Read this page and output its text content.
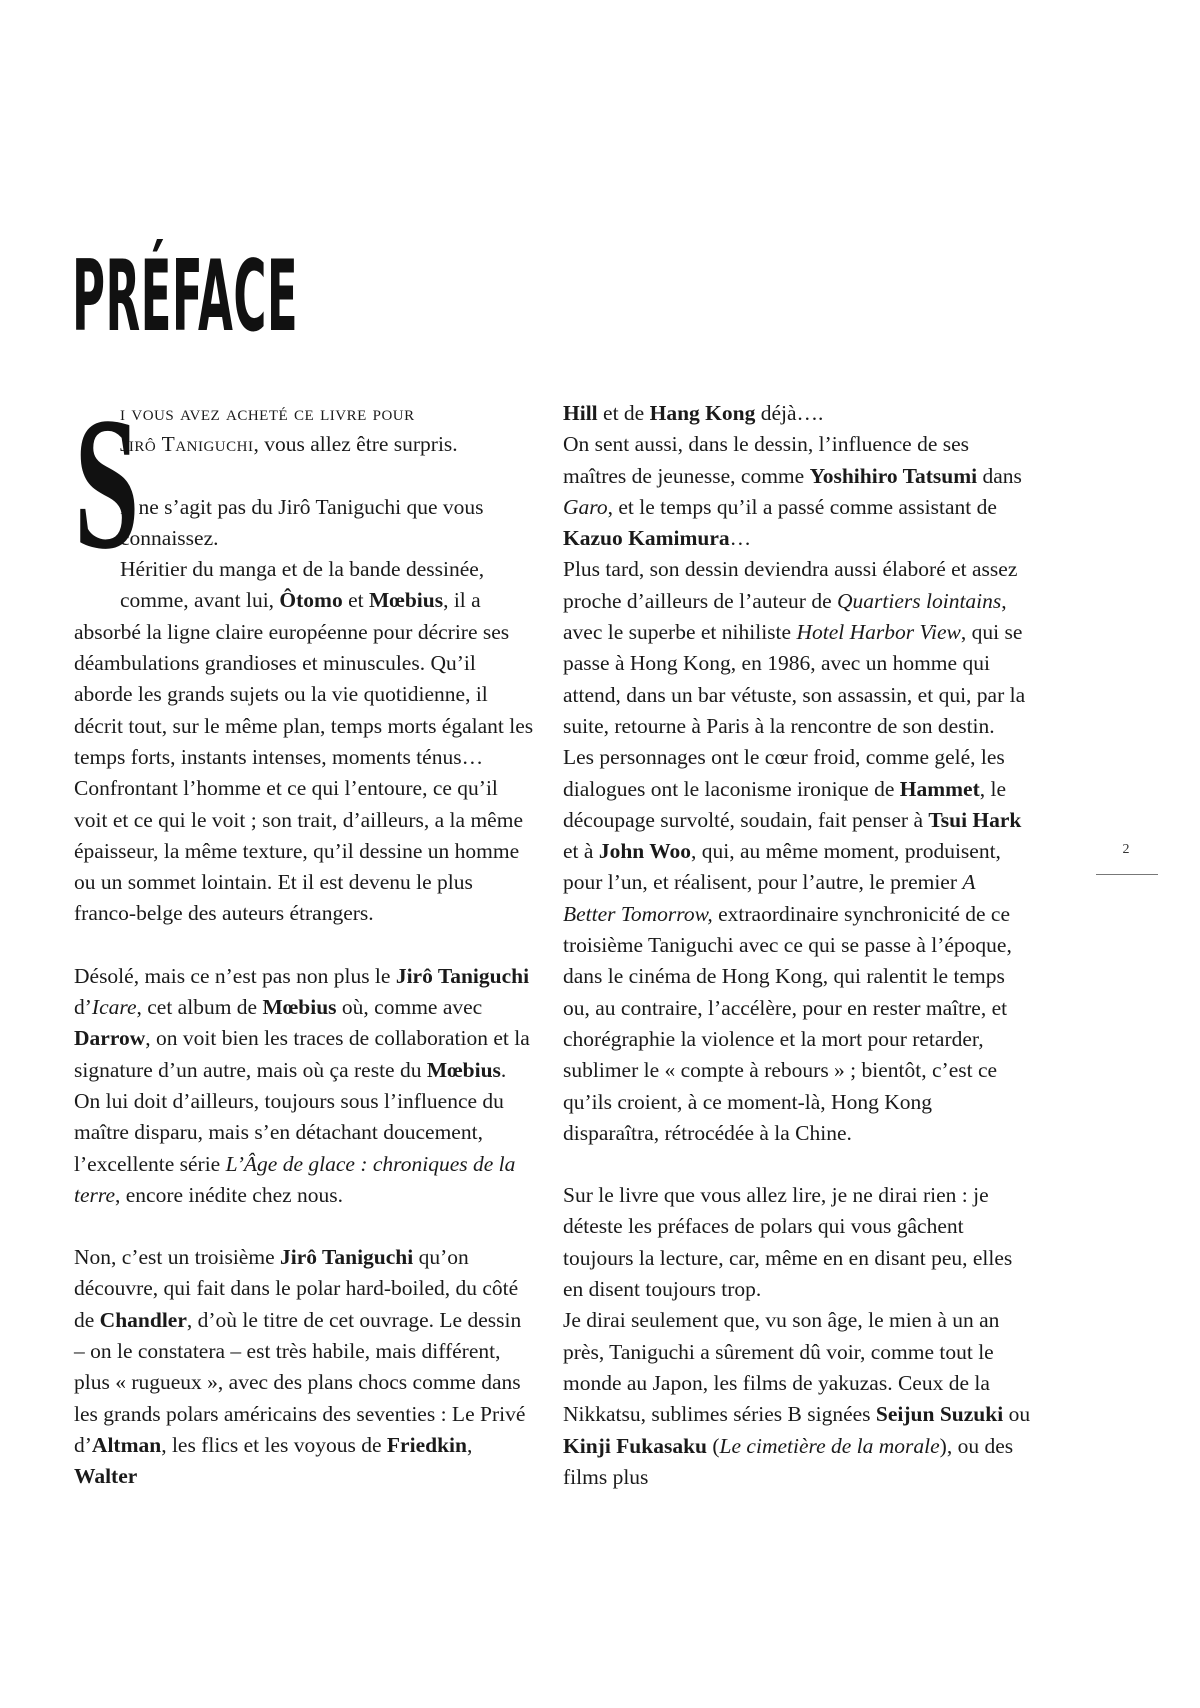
PRÉFACE
S

i vous avez acheté ce livre pour
Jirô Taniguchi, vous allez être surpris.

Il ne s’agit pas du Jirô Taniguchi que vous connaissez.
Héritier du manga et de la bande dessinée, comme, avant lui, Ôtomo et Mœbius, il a absorbé la ligne claire européenne pour décrire ses déambulations grandioses et minuscules. Qu’il aborde les grands sujets ou la vie quotidienne, il décrit tout, sur le même plan, temps morts égalant les temps forts, instants intenses, moments ténus… Confrontant l’homme et ce qui l’entoure, ce qu’il voit et ce qui le voit ; son trait, d’ailleurs, a la même épaisseur, la même texture, qu’il dessine un homme ou un sommet lointain. Et il est devenu le plus franco-belge des auteurs étrangers.

Désolé, mais ce n’est pas non plus le Jirô Taniguchi d’Icare, cet album de Mœbius où, comme avec Darrow, on voit bien les traces de collaboration et la signature d’un autre, mais où ça reste du Mœbius.
On lui doit d’ailleurs, toujours sous l’influence du maître disparu, mais s’en détachant doucement, l’excellente série L’Âge de glace : chroniques de la terre, encore inédite chez nous.

Non, c’est un troisième Jirô Taniguchi qu’on découvre, qui fait dans le polar hard-boiled, du côté de Chandler, d’où le titre de cet ouvrage. Le dessin – on le constatera – est très habile, mais différent, plus « rugueux », avec des plans chocs comme dans les grands polars américains des seventies : Le Privé d’Altman, les flics et les voyous de Friedkin, Walter

Hill et de Hang Kong déjà….
On sent aussi, dans le dessin, l’influence de ses maîtres de jeunesse, comme Yoshihiro Tatsumi dans Garo, et le temps qu’il a passé comme assistant de Kazuo Kamimura…
Plus tard, son dessin deviendra aussi élaboré et assez proche d’ailleurs de l’auteur de Quartiers lointains, avec le superbe et nihiliste Hotel Harbor View, qui se passe à Hong Kong, en 1986, avec un homme qui attend, dans un bar vétuste, son assassin, et qui, par la suite, retourne à Paris à la rencontre de son destin.
Les personnages ont le cœur froid, comme gelé, les dialogues ont le laconisme ironique de Hammet, le découpage survolté, soudain, fait penser à Tsui Hark et à John Woo, qui, au même moment, produisent, pour l’un, et réalisent, pour l’autre, le premier A Better Tomorrow, extraordinaire synchronicité de ce troisième Taniguchi avec ce qui se passe à l’époque, dans le cinéma de Hong Kong, qui ralentit le temps ou, au contraire, l’accélère, pour en rester maître, et chorégraphie la violence et la mort pour retarder, sublimer le « compte à rebours » ; bientôt, c’est ce qu’ils croient, à ce moment-là, Hong Kong disparaîtra, rétrocédée à la Chine.

Sur le livre que vous allez lire, je ne dirai rien : je déteste les préfaces de polars qui vous gâchent toujours la lecture, car, même en en disant peu, elles en disent toujours trop.
Je dirai seulement que, vu son âge, le mien à un an près, Taniguchi a sûrement dû voir, comme tout le monde au Japon, les films de yakuzas. Ceux de la Nikkatsu, sublimes séries B signées Seijun Suzuki ou Kinji Fukasaku (Le cimetière de la morale), ou des films plus

2
